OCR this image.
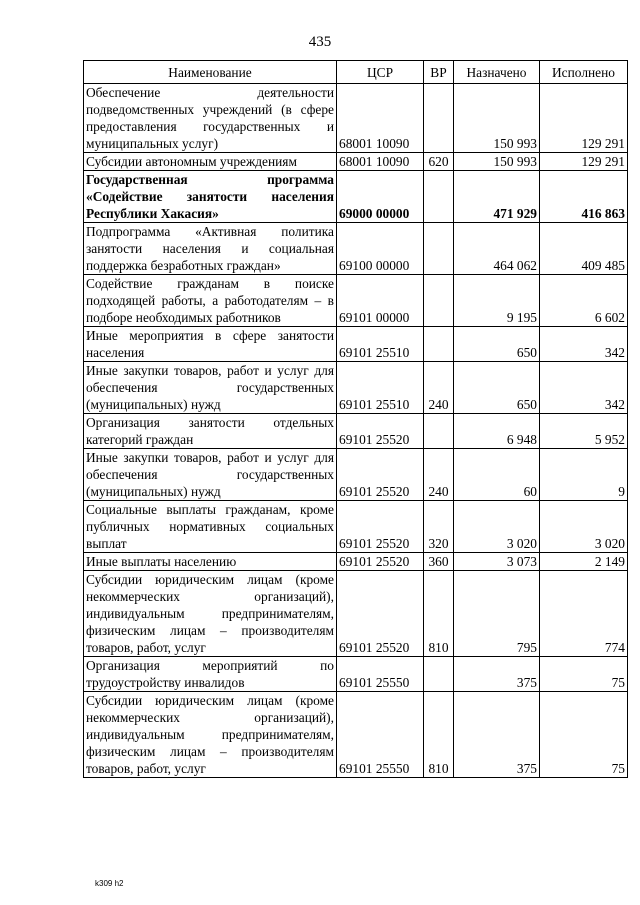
435
Наименование	ЦСР	ВР	Назначено	Исполнено
Обеспечение деятельности подведомственных учреждений (в сфере предоставления государственных и муниципальных услуг)	68001 10090		150 993	129 291
Субсидии автономным учреждениям	68001 10090	620	150 993	129 291
Государственная программа «Содействие занятости населения Республики Хакасия»	69000 00000		471 929	416 863
Подпрограмма «Активная политика занятости населения и социальная поддержка безработных граждан»	69100 00000		464 062	409 485
Содействие гражданам в поиске подходящей работы, а работодателям – в подборе необходимых работников	69101 00000		9 195	6 602
Иные мероприятия в сфере занятости населения	69101 25510		650	342
Иные закупки товаров, работ и услуг для обеспечения государственных (муниципальных) нужд	69101 25510	240	650	342
Организация занятости отдельных категорий граждан	69101 25520		6 948	5 952
Иные закупки товаров, работ и услуг для обеспечения государственных (муниципальных) нужд	69101 25520	240	60	9
Социальные выплаты гражданам, кроме публичных нормативных социальных выплат	69101 25520	320	3 020	3 020
Иные выплаты населению	69101 25520	360	3 073	2 149
Субсидии юридическим лицам (кроме некоммерческих организаций), индивидуальным предпринимателям, физическим лицам – производителям товаров, работ, услуг	69101 25520	810	795	774
Организация мероприятий по трудоустройству инвалидов	69101 25550		375	75
Субсидии юридическим лицам (кроме некоммерческих организаций), индивидуальным предпринимателям, физическим лицам – производителям товаров, работ, услуг	69101 25550	810	375	75
k309 h2
